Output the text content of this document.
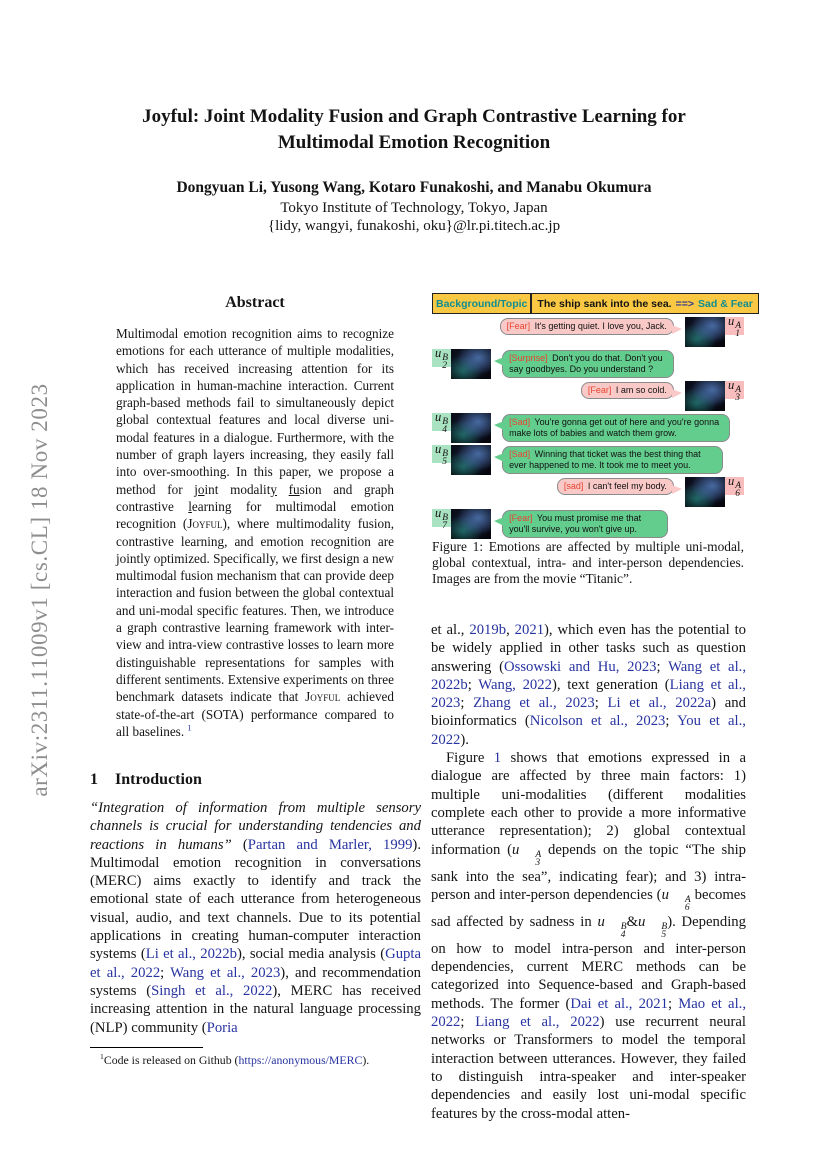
arXiv:2311.11009v1 [cs.CL] 18 Nov 2023
Joyful: Joint Modality Fusion and Graph Contrastive Learning for
Multimodal Emotion Recognition
Dongyuan Li, Yusong Wang, Kotaro Funakoshi, and Manabu Okumura
Tokyo Institute of Technology, Tokyo, Japan
{lidy, wangyi, funakoshi, oku}@lr.pi.titech.ac.jp
Abstract
Multimodal emotion recognition aims to recognize emotions for each utterance of multiple modalities, which has received increasing attention for its application in human-machine interaction. Current graph-based methods fail to simultaneously depict global contextual features and local diverse uni-modal features in a dialogue. Furthermore, with the number of graph layers increasing, they easily fall into over-smoothing. In this paper, we propose a method for joint modality fusion and graph contrastive learning for multimodal emotion recognition (Joyful), where multimodality fusion, contrastive learning, and emotion recognition are jointly optimized. Specifically, we first design a new multimodal fusion mechanism that can provide deep interaction and fusion between the global contextual and uni-modal specific features. Then, we introduce a graph contrastive learning framework with inter-view and intra-view contrastive losses to learn more distinguishable representations for samples with different sentiments. Extensive experiments on three benchmark datasets indicate that Joyful achieved state-of-the-art (SOTA) performance compared to all baselines. $^1$
1 Introduction
“Integration of information from multiple sensory channels is crucial for understanding tendencies and reactions in humans” (Partan and Marler, 1999). Multimodal emotion recognition in conversations (MERC) aims exactly to identify and track the emotional state of each utterance from heterogeneous visual, audio, and text channels. Due to its potential applications in creating human-computer interaction systems (Li et al., 2022b), social media analysis (Gupta et al., 2022; Wang et al., 2023), and recommendation systems (Singh et al., 2022), MERC has received increasing attention in the natural language processing (NLP) community (Poria
$^1$Code is released on Github (https://anonymous/MERC).
Background/Topic The ship sank into the sea. ==> Sad & Fear
[Fear] It's getting quiet. I love you, Jack.	u A
1
u B
2
[Surprise] Don't you do that. Don't you say goodbyes. Do you understand ?
[Fear] I am so cold.	u A
3
u B
4
[Sad] You're gonna get out of here and you're gonna make lots of babies and watch them grow.
u B
5
[Sad] Winning that ticket was the best thing that ever happened to me. It took me to meet you.
[sad] I can't feel my body.	u A
6
u B
7
[Fear] You must promise me that you'll survive, you won't give up.
Figure 1: Emotions are affected by multiple uni-modal, global contextual, intra- and inter-person dependencies. Images are from the movie “Titanic”.
et al., 2019b, 2021), which even has the potential to be widely applied in other tasks such as question answering (Ossowski and Hu, 2023; Wang et al., 2022b; Wang, 2022), text generation (Liang et al., 2023; Zhang et al., 2023; Li et al., 2022a) and bioinformatics (Nicolson et al., 2023; You et al., 2022).
Figure 1 shows that emotions expressed in a dialogue are affected by three main factors: 1) multiple uni-modalities (different modalities complete each other to provide a more informative utterance representation); 2) global contextual information (u	A
3
depends on the topic “The ship sank into the sea”, indicating fear); and 3) intra-person and inter-person dependencies (u	A
6
becomes sad affected by sadness in u	B
4
&u	B
5
). Depending on how to model intra-person and inter-person dependencies, current MERC methods can be categorized into Sequence-based and Graph-based methods. The former (Dai et al., 2021; Mao et al., 2022; Liang et al., 2022) use recurrent neural networks or Transformers to model the temporal interaction between utterances. However, they failed to distinguish intra-speaker and inter-speaker dependencies and easily lost uni-modal specific features by the cross-modal atten-
